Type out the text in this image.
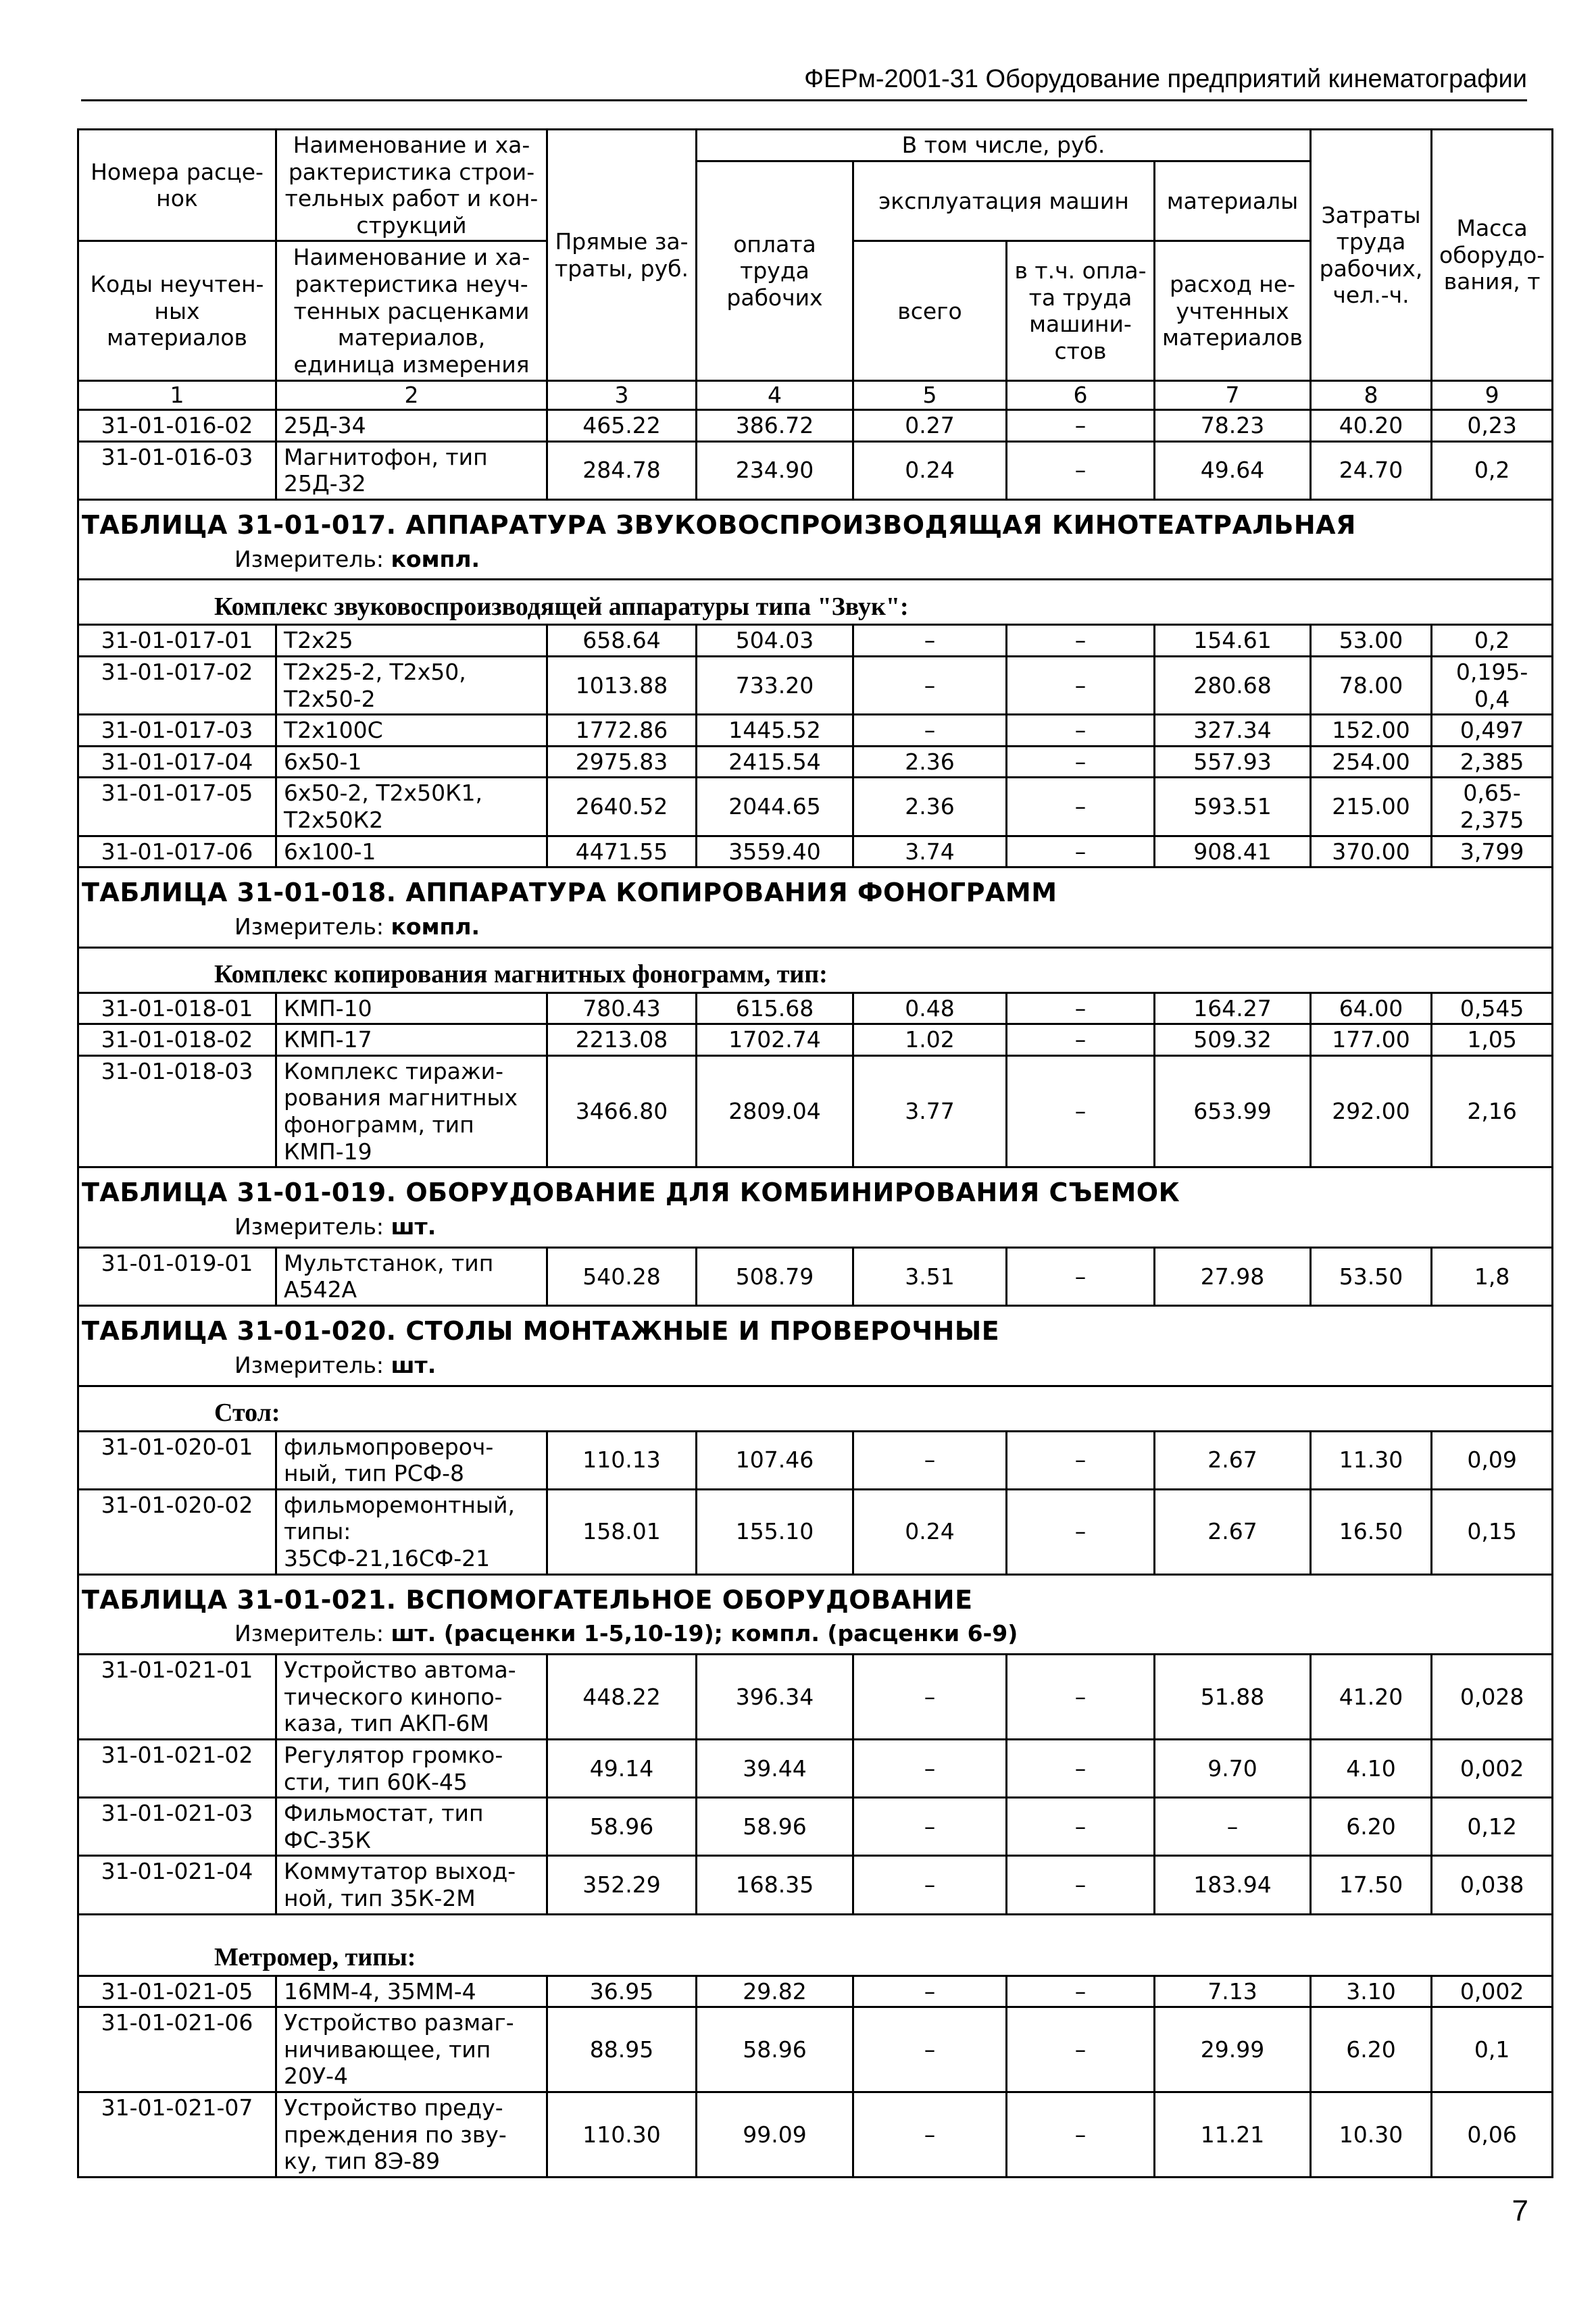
ФЕРм-2001-31 Оборудование предприятий кинематографии
Номера расце-нок	Наименование и ха-рактеристика строи-тельных работ и кон-струкций	Прямые за-траты, руб.	В том числе, руб.				Затраты труда рабочих, чел.-ч.	Масса оборудо-вания, т
			оплата труда рабочих	эксплуатация машин		материалы		
Коды неучтен-ных материалов	Наименование и ха-рактеристика неуч-тенных расценками материалов, единица измерения			всего	в т.ч. опла-та труда машини-стов	расход не-учтенных материалов		

1	2	3	4	5	6	7	8	9
31-01-016-02	25Д-34	465.22	386.72	0.27	–	78.23	40.20	0,23
31-01-016-03	Магнитофон, тип 25Д-32	284.78	234.90	0.24	–	49.64	24.70	0,2
ТАБЛИЦА 31-01-017. АППАРАТУРА ЗВУКОВОСПРОИЗВОДЯЩАЯ КИНОТЕАТРАЛЬНАЯ								
Измеритель: компл.								
Комплекс звуковоспроизводящей аппаратуры типа "Звук":								
31-01-017-01	Т2х25	658.64	504.03	–	–	154.61	53.00	0,2
31-01-017-02	Т2х25-2, Т2х50, Т2х50-2	1013.88	733.20	–	–	280.68	78.00	0,195-0,4
31-01-017-03	Т2х100С	1772.86	1445.52	–	–	327.34	152.00	0,497
31-01-017-04	6х50-1	2975.83	2415.54	2.36	–	557.93	254.00	2,385
31-01-017-05	6х50-2, Т2х50К1, Т2х50К2	2640.52	2044.65	2.36	–	593.51	215.00	0,65-2,375
31-01-017-06	6х100-1	4471.55	3559.40	3.74	–	908.41	370.00	3,799
ТАБЛИЦА 31-01-018. АППАРАТУРА КОПИРОВАНИЯ ФОНОГРАММ								
Измеритель: компл.								
Комплекс копирования магнитных фонограмм, тип:								
31-01-018-01	КМП-10	780.43	615.68	0.48	–	164.27	64.00	0,545
31-01-018-02	КМП-17	2213.08	1702.74	1.02	–	509.32	177.00	1,05
31-01-018-03	Комплекс тиражи-рования магнитных фонограмм, тип КМП-19	3466.80	2809.04	3.77	–	653.99	292.00	2,16
ТАБЛИЦА 31-01-019. ОБОРУДОВАНИЕ ДЛЯ КОМБИНИРОВАНИЯ СЪЕМОК								
Измеритель: шт.								
31-01-019-01	Мультстанок, тип А542А	540.28	508.79	3.51	–	27.98	53.50	1,8
ТАБЛИЦА 31-01-020. СТОЛЫ МОНТАЖНЫЕ И ПРОВЕРОЧНЫЕ								
Измеритель: шт.								
Стол:								
31-01-020-01	фильмопровероч-ный, тип РСФ-8	110.13	107.46	–	–	2.67	11.30	0,09
31-01-020-02	фильморемонтный, типы: 35СФ-21,16СФ-21	158.01	155.10	0.24	–	2.67	16.50	0,15
ТАБЛИЦА 31-01-021. ВСПОМОГАТЕЛЬНОЕ ОБОРУДОВАНИЕ								
Измеритель: шт. (расценки 1-5,10-19); компл. (расценки 6-9)								
31-01-021-01	Устройство автома-тического кинопо-каза, тип АКП-6М	448.22	396.34	–	–	51.88	41.20	0,028
31-01-021-02	Регулятор громко-сти, тип 60К-45	49.14	39.44	–	–	9.70	4.10	0,002
31-01-021-03	Фильмостат, тип ФС-35К	58.96	58.96	–	–	–	6.20	0,12
31-01-021-04	Коммутатор выход-ной, тип 35К-2М	352.29	168.35	–	–	183.94	17.50	0,038
Метромер, типы:								
31-01-021-05	16ММ-4, 35ММ-4	36.95	29.82	–	–	7.13	3.10	0,002
31-01-021-06	Устройство размаг-ничивающее, тип 20У-4	88.95	58.96	–	–	29.99	6.20	0,1
31-01-021-07	Устройство преду-преждения по зву-ку, тип 8Э-89	110.30	99.09	–	–	11.21	10.30	0,06
7
